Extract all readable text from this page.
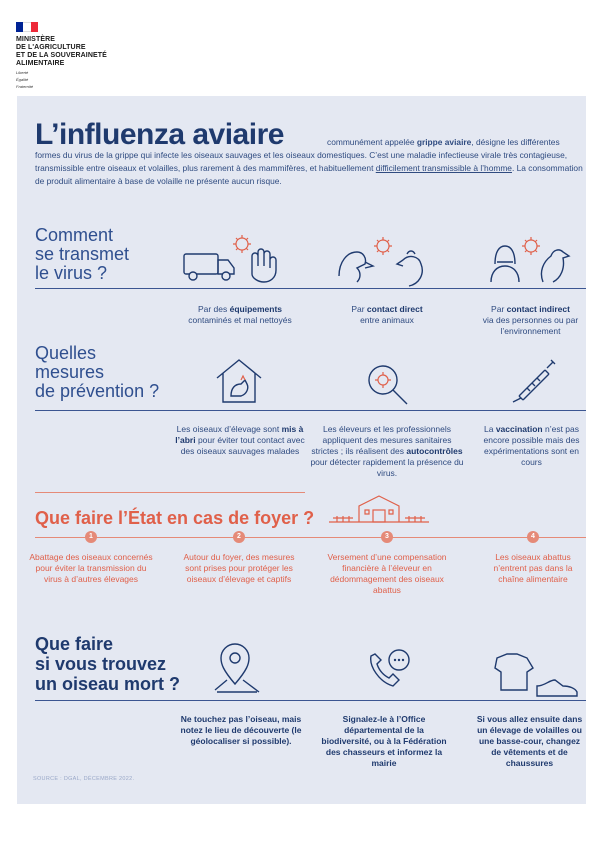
MINISTÈRE
DE L'AGRICULTURE
ET DE LA SOUVERAINETÉ
ALIMENTAIRE
Liberté
Égalité
Fraternité
L’influenza aviaire	communément appelée grippe aviaire, désigne les différentes formes du virus de la grippe qui infecte les oiseaux sauvages et les oiseaux domestiques. C’est une maladie infectieuse virale très contagieuse, transmissible entre oiseaux et volailles, plus rarement à des mammifères, et habituellement difficilement transmissible à l’homme. La consommation de produit alimentaire à base de volaille ne présente aucun risque.
Comment
se transmet
le virus ?
Par des équipements
contaminés et mal nettoyés
Par contact direct
entre animaux
Par contact indirect
via des personnes ou par l’environnement
Quelles
mesures
de prévention ?
Les oiseaux d’élevage sont mis à l’abri pour éviter tout contact avec des oiseaux sauvages malades
Les éleveurs et les professionnels appliquent des mesures sanitaires strictes ; ils réalisent des autocontrôles pour détecter rapidement la présence du virus.
La vaccination n’est pas encore possible mais des expérimentations sont en cours
Que faire l’État en cas de foyer ?
1	2	3	4
Abattage des oiseaux concernés pour éviter la transmission du virus à d’autres élevages
Autour du foyer, des mesures sont prises pour protéger les oiseaux d’élevage et captifs
Versement d’une compensation financière à l’éleveur en dédommagement des oiseaux abattus
Les oiseaux abattus n’entrent pas dans la chaîne alimentaire
Que faire
si vous trouvez
un oiseau mort ?
Ne touchez pas l’oiseau, mais notez le lieu de découverte (le géolocaliser si possible).
Signalez-le à l’Office départemental de la biodiversité, ou à la Fédération des chasseurs et informez la mairie
Si vous allez ensuite dans un élevage de volailles ou une basse-cour, changez de vêtements et de chaussures
SOURCE : DGAL, DÉCEMBRE 2022.
